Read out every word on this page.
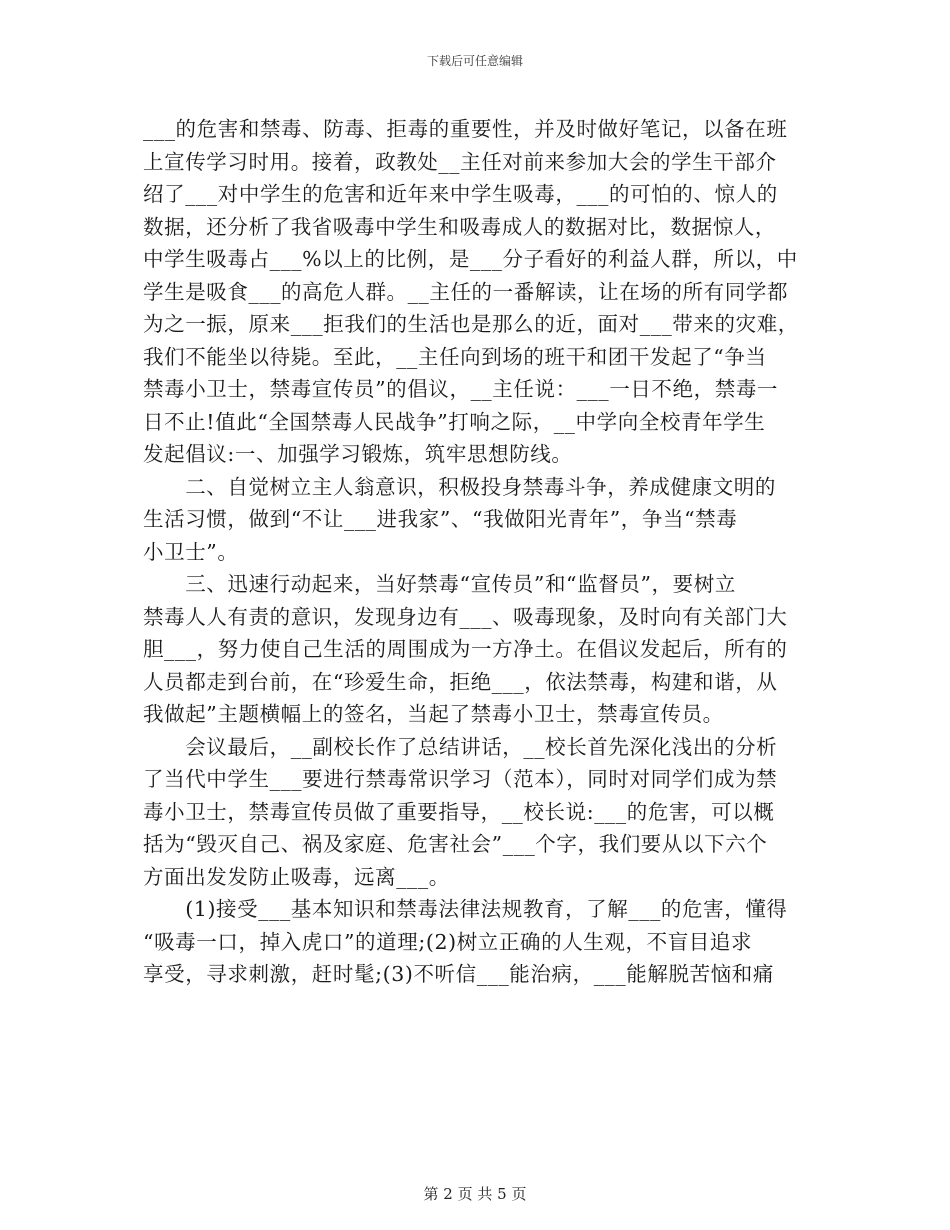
下载后可任意编辑
___的危害和禁毒、防毒、拒毒的重要性，并及时做好笔记，以备在班
上宣传学习时用。接着，政教处__主任对前来参加大会的学生干部介
绍了___对中学生的危害和近年来中学生吸毒，___的可怕的、惊人的
数据，还分析了我省吸毒中学生和吸毒成人的数据对比，数据惊人，
中学生吸毒占___%以上的比例，是___分子看好的利益人群，所以，中
学生是吸食___的高危人群。__主任的一番解读，让在场的所有同学都
为之一振，原来___拒我们的生活也是那么的近，面对___带来的灾难，
我们不能坐以待毙。至此，__主任向到场的班干和团干发起了“争当
禁毒小卫士，禁毒宣传员”的倡议，__主任说：___一日不绝，禁毒一
日不止!值此“全国禁毒人民战争”打响之际，__中学向全校青年学生
发起倡议:一、加强学习锻炼，筑牢思想防线。
　　二、自觉树立主人翁意识，积极投身禁毒斗争，养成健康文明的
生活习惯，做到“不让___进我家”、“我做阳光青年”，争当“禁毒
小卫士”。
　　三、迅速行动起来，当好禁毒“宣传员”和“监督员”，要树立
禁毒人人有责的意识，发现身边有___、吸毒现象，及时向有关部门大
胆___，努力使自己生活的周围成为一方净土。在倡议发起后，所有的
人员都走到台前，在“珍爱生命，拒绝___，依法禁毒，构建和谐，从
我做起”主题横幅上的签名，当起了禁毒小卫士，禁毒宣传员。
　　会议最后，__副校长作了总结讲话，__校长首先深化浅出的分析
了当代中学生___要进行禁毒常识学习（范本），同时对同学们成为禁
毒小卫士，禁毒宣传员做了重要指导，__校长说:___的危害，可以概
括为“毁灭自己、祸及家庭、危害社会”___个字，我们要从以下六个
方面出发发防止吸毒，远离___。
　　(1)接受___基本知识和禁毒法律法规教育，了解___的危害，懂得
“吸毒一口，掉入虎口”的道理;(2)树立正确的人生观，不盲目追求
享受，寻求刺激，赶时髦;(3)不听信___能治病，___能解脱苦恼和痛
第 2 页 共 5 页
